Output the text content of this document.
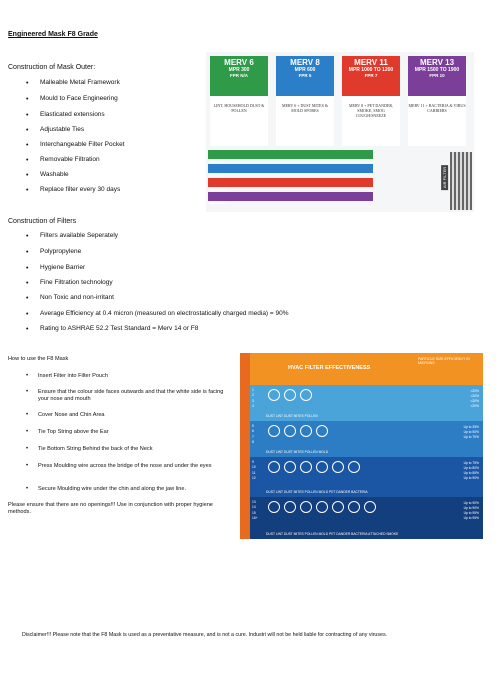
Engineered Mask F8 Grade
Construction of Mask Outer:
• Malleable Metal Framework
• Mould to Face Engineering
• Elasticated extensions
• Adjustable Ties
• Interchangeable Filter Pocket
• Removable Filtration
• Washable
• Replace filter every 30 days
Construction of Filters
• Filters available Seperately
• Polypropylene
• Hygiene Barrier
• Fine Filtration technology
• Non Toxic and non-irritant
• Average Efficiency at 0.4 micron (measured on electrostatically charged media) = 90%
• Rating to ASHRAE 52.2 Test Standard = Merv 14 or F8
How to use the F8 Mask
• Insert Filter into Filter Pouch
• Ensure that the colour side faces outwards and that the white side is facing your nose and mouth
• Cover Nose and Chin Area
• Tie Top String above the Ear
• Tie Bottom String Behind the back of the Neck
• Press Moulding wire across the bridge of the nose and under the eyes
• Secure Moulding wire under the chin and along the jaw line.
Please ensure that there are no openings!!! Use in conjunction with proper hygiene methods.
MERV 6
MPR 300
FPR N/A
LINT, HOUSEHOLD DUST & POLLEN
MERV 8
MPR 600
FPR 5
MERV 6 + DUST MITES & MOLD SPORES
MERV 11
MPR 1000 TO 1200
FPR 7
MERV 8 + PET DANDER, SMOKE, SMOG COUGH/SNEEZE
MERV 13
MPR 1500 TO 1900
FPR 10
MERV 11 + BACTERIA & VIRUS CARRIERS
MERV 6
MERV 8
MERV 11
MERV 13
AIR FILTER
HVAC FILTER EFFECTIVENESS
PARTICLE SIZE EFFICIENCY IN MICRONS
1
2
3
4
DUST LINT DUST MITES POLLEN
<20%
<20%
<20%
<20%
5
6
7
8
DUST LINT DUST MITES POLLEN MOLD
Up to 35%
Up to 50%
Up to 70%
9
10
11
12
DUST LINT DUST MITES POLLEN MOLD PET DANDER BACTERIA
Up to 75%
Up to 80%
Up to 85%
Up to 90%
13
14
15
16+
DUST LINT DUST MITES POLLEN MOLD PET DANDER BACTERIA ATTACHED SMOKE
Up to 90%
Up to 90%
Up to 95%
Up to 95%
MERV
Disclaimer!!! Please note that the F8 Mask is used as a preventative measure, and is not a cure. Industri will not be held liable for contracting of any viruses.
